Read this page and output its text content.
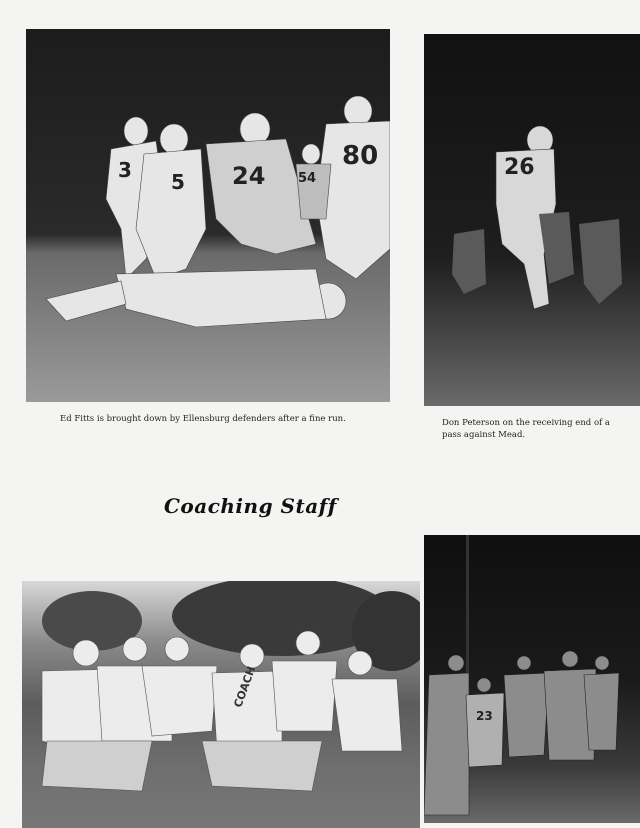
3 5 24	54
80	26
Ed Fitts is brought down by Ellensburg defenders after a fine run.	Don Peterson on the receiving end of a pass against Mead.
Coaching Staff
COACH
23
